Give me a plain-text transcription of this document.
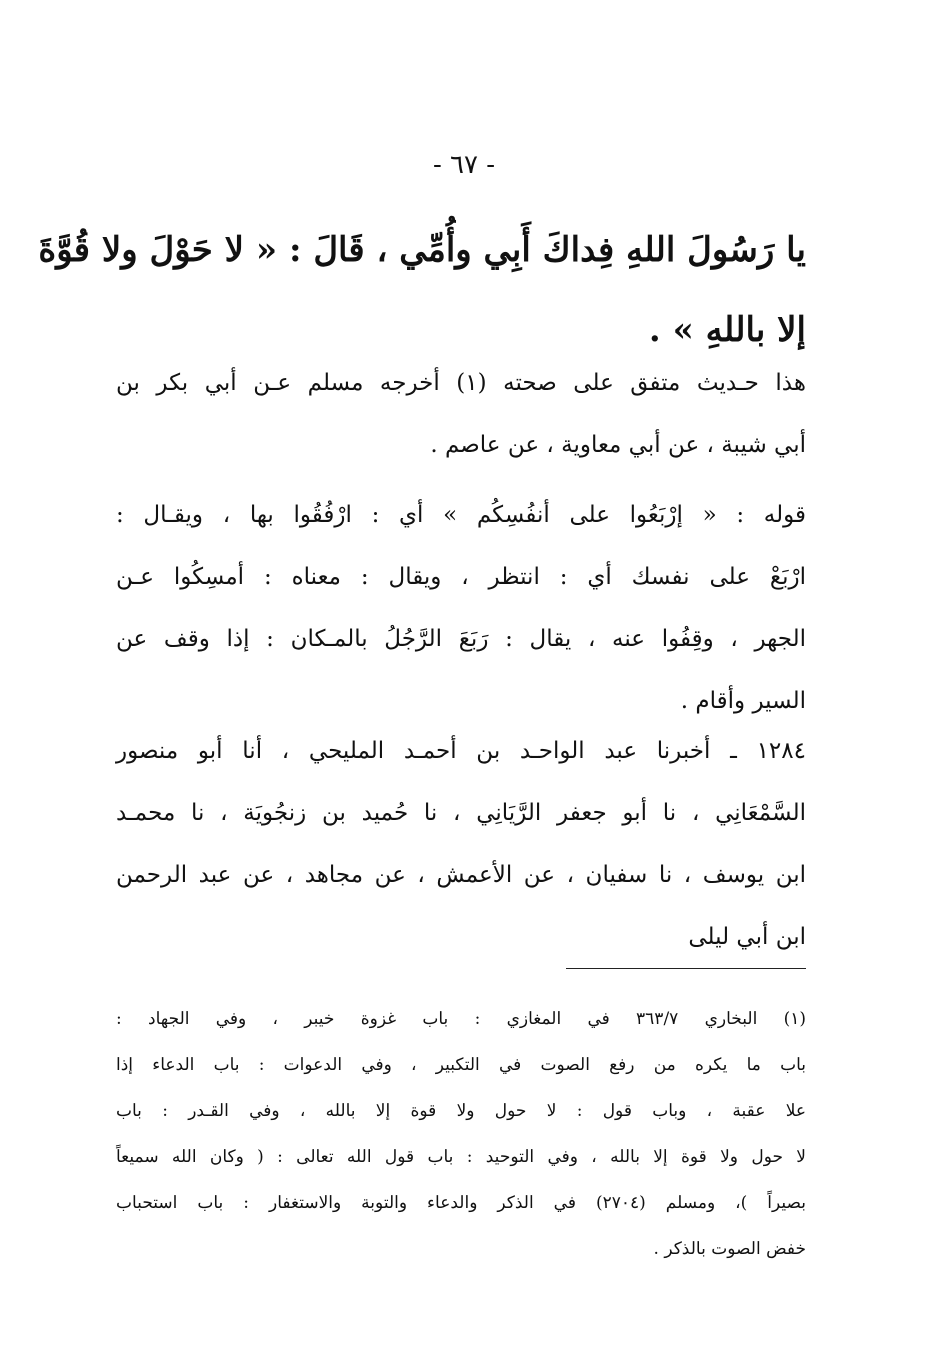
- ٦٧ -
يا رَسُولَ اللهِ فِداكَ أَبِي وأُمِّي ، قَالَ : « لا حَوْلَ ولا قُوَّةَ
إلا باللهِ » .
هذا حـديث متفق على صحته (١) أخرجه مسلم عـن أبي بكر بن
أبي شيبة ، عن أبي معاوية ، عن عاصم .
قوله : « إرْبَعُوا على أنفُسِكُم » أي : ارْفُقُوا بها ، ويقـال :
ارْبَعْ على نفسك أي : انتظر ، ويقال : معناه : أمسِكُوا عـن
الجهر ، وقِفُوا عنه ، يقال : رَبَعَ الرَّجُلُ بالمـكان : إذا وقف عن
السير وأقام .
١٢٨٤ ـ أخبرنا عبد الواحـد بن أحمـد المليحي ، أنا أبو منصور
السَّمْعَانِي ، نا أبو جعفر الرَّيَانِي ، نا حُميد بن زنجُويَة ، نا محمـد
ابن يوسف ، نا سفيان ، عن الأعمش ، عن مجاهد ، عن عبد الرحمن
ابن أبي ليلى
(١) البخاري ٣٦٣/٧ في المغازي : باب غزوة خيبر ، وفي الجهاد :
باب ما يكره من رفع الصوت في التكبير ، وفي الدعوات : باب الدعاء إذا
علا عقبة ، وباب قول : لا حول ولا قوة إلا بالله ، وفي القـدر : باب
لا حول ولا قوة إلا بالله ، وفي التوحيد : باب قول الله تعالى : ( وكان الله سميعاً
بصيراً )، ومسلم (٢٧٠٤) في الذكر والدعاء والتوبة والاستغفار : باب استحباب
خفض الصوت بالذكر .
